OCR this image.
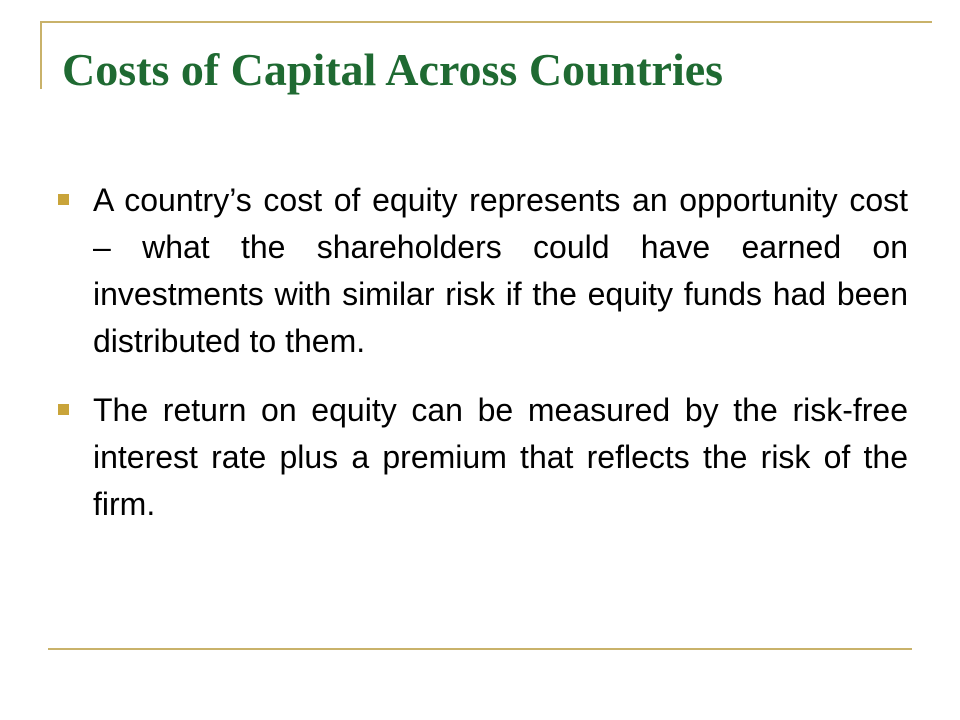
Costs of Capital Across Countries
A country’s cost of equity represents an opportunity cost – what the shareholders could have earned on investments with similar risk if the equity funds had been distributed to them.
The return on equity can be measured by the risk-free interest rate plus a premium that reflects the risk of the firm.
